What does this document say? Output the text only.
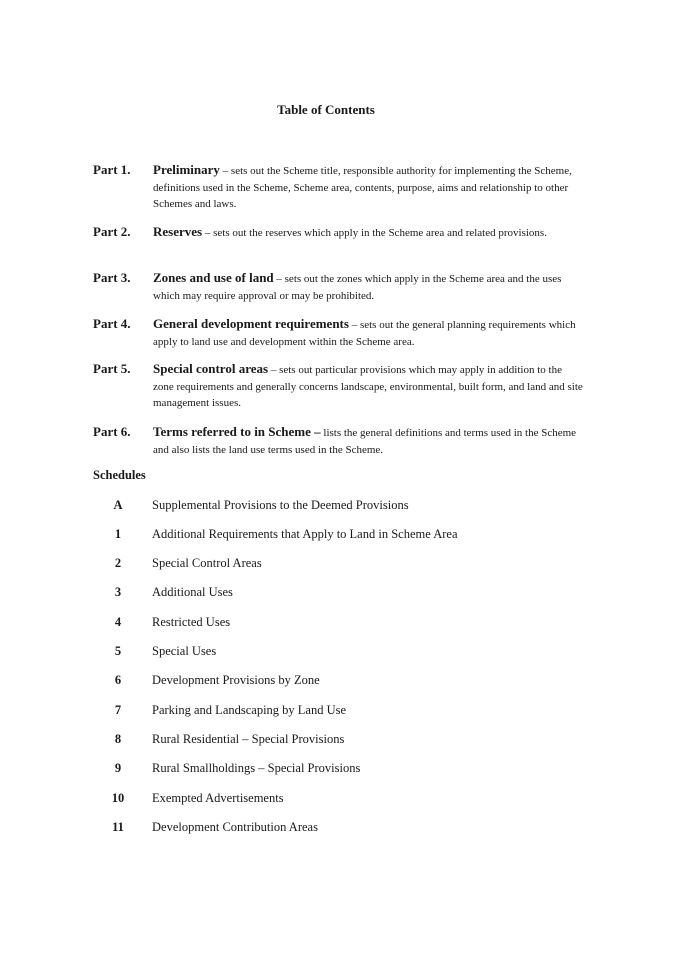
Table of Contents
Part 1. Preliminary – sets out the Scheme title, responsible authority for implementing the Scheme, definitions used in the Scheme, Scheme area, contents, purpose, aims and relationship to other Schemes and laws.
Part 2. Reserves – sets out the reserves which apply in the Scheme area and related provisions.
Part 3. Zones and use of land – sets out the zones which apply in the Scheme area and the uses which may require approval or may be prohibited.
Part 4. General development requirements – sets out the general planning requirements which apply to land use and development within the Scheme area.
Part 5. Special control areas – sets out particular provisions which may apply in addition to the zone requirements and generally concerns landscape, environmental, built form, and land and site management issues.
Part 6. Terms referred to in Scheme – lists the general definitions and terms used in the Scheme and also lists the land use terms used in the Scheme.
Schedules
A	Supplemental Provisions to the Deemed Provisions
1	Additional Requirements that Apply to Land in Scheme Area
2	Special Control Areas
3	Additional Uses
4	Restricted Uses
5	Special Uses
6	Development Provisions by Zone
7	Parking and Landscaping by Land Use
8	Rural Residential – Special Provisions
9	Rural Smallholdings – Special Provisions
10	Exempted Advertisements
11	Development Contribution Areas
